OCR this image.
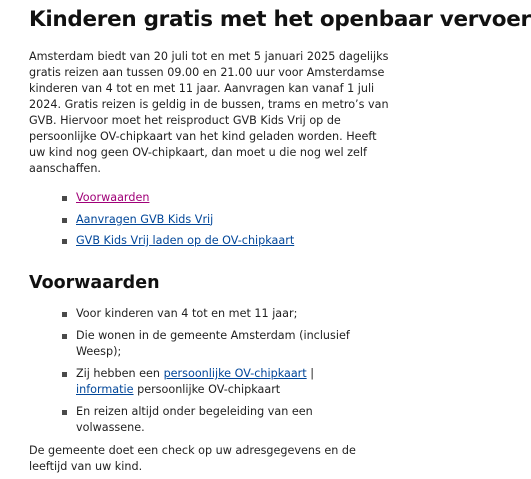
Kinderen gratis met het openbaar vervoer

Amsterdam biedt van 20 juli tot en met 5 januari 2025 dagelijks gratis reizen aan tussen 09.00 en 21.00 uur voor Amsterdamse kinderen van 4 tot en met 11 jaar. Aanvragen kan vanaf 1 juli 2024. Gratis reizen is geldig in de bussen, trams en metro’s van GVB. Hiervoor moet het reisproduct GVB Kids Vrij op de persoonlijke OV-chipkaart van het kind geladen worden. Heeft uw kind nog geen OV-chipkaart, dan moet u die nog wel zelf aanschaffen.

Voorwaarden
Aanvragen GVB Kids Vrij
GVB Kids Vrij laden op de OV-chipkaart
Voorwaarden
Voor kinderen van 4 tot en met 11 jaar;
Die wonen in de gemeente Amsterdam (inclusief Weesp);
Zij hebben een persoonlijke OV-chipkaart | informatie persoonlijke OV-chipkaart
En reizen altijd onder begeleiding van een volwassene.

De gemeente doet een check op uw adresgegevens en de leeftijd van uw kind.
